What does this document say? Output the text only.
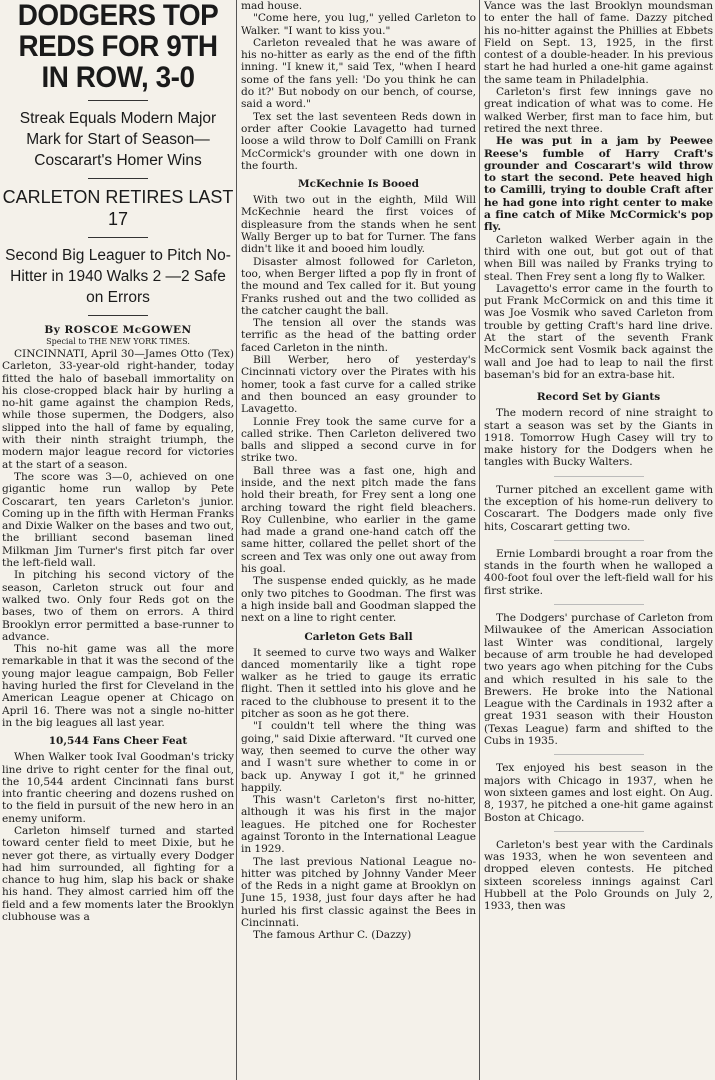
DODGERS TOP REDS FOR 9TH IN ROW, 3-0
Streak Equals Modern Major Mark for Start of Season—Coscarart's Homer Wins
CARLETON RETIRES LAST 17
Second Big Leaguer to Pitch No-Hitter in 1940 Walks 2 —2 Safe on Errors
By ROSCOE McGOWEN
Special to THE NEW YORK TIMES.

CINCINNATI, April 30—James Otto (Tex) Carleton, 33-year-old right-hander, today fitted the halo of baseball immortality on his close-cropped black hair by hurling a no-hit game against the champion Reds, while those supermen, the Dodgers, also slipped into the hall of fame by equaling, with their ninth straight triumph, the modern major league record for victories at the start of a season.

The score was 3—0, achieved on one gigantic home run wallop by Pete Coscarart, ten years Carleton's junior. Coming up in the fifth with Herman Franks and Dixie Walker on the bases and two out, the brilliant second baseman lined Milkman Jim Turner's first pitch far over the left-field wall.

In pitching his second victory of the season, Carleton struck out four and walked two. Only four Reds got on the bases, two of them on errors. A third Brooklyn error permitted a base-runner to advance.

This no-hit game was all the more remarkable in that it was the second of the young major league campaign, Bob Feller having hurled the first for Cleveland in the American League opener at Chicago on April 16. There was not a single no-hitter in the big leagues all last year.

10,544 Fans Cheer Feat

When Walker took Ival Goodman's tricky line drive to right center for the final out, the 10,544 ardent Cincinnati fans burst into frantic cheering and dozens rushed on to the field in pursuit of the new hero in an enemy uniform.

Carleton himself turned and started toward center field to meet Dixie, but he never got there, as virtually every Dodger had him surrounded, all fighting for a chance to hug him, slap his back or shake his hand. They almost carried him off the field and a few moments later the Brooklyn clubhouse was a

mad house.

"Come here, you lug," yelled Carleton to Walker. "I want to kiss you."

Carleton revealed that he was aware of his no-hitter as early as the end of the fifth inning. "I knew it," said Tex, "when I heard some of the fans yell: 'Do you think he can do it?' But nobody on our bench, of course, said a word."

Tex set the last seventeen Reds down in order after Cookie Lavagetto had turned loose a wild throw to Dolf Camilli on Frank McCormick's grounder with one down in the fourth.

McKechnie Is Booed

With two out in the eighth, Mild Will McKechnie heard the first voices of displeasure from the stands when he sent Wally Berger up to bat for Turner. The fans didn't like it and booed him loudly.

Disaster almost followed for Carleton, too, when Berger lifted a pop fly in front of the mound and Tex called for it. But young Franks rushed out and the two collided as the catcher caught the ball.

The tension all over the stands was terrific as the head of the batting order faced Carleton in the ninth.

Bill Werber, hero of yesterday's Cincinnati victory over the Pirates with his homer, took a fast curve for a called strike and then bounced an easy grounder to Lavagetto.

Lonnie Frey took the same curve for a called strike. Then Carleton delivered two balls and slipped a second curve in for strike two.

Ball three was a fast one, high and inside, and the next pitch made the fans hold their breath, for Frey sent a long one arching toward the right field bleachers. Roy Cullenbine, who earlier in the game had made a grand one-hand catch off the same hitter, collared the pellet short of the screen and Tex was only one out away from his goal.

The suspense ended quickly, as he made only two pitches to Goodman. The first was a high inside ball and Goodman slapped the next on a line to right center.

Carleton Gets Ball

It seemed to curve two ways and Walker danced momentarily like a tight rope walker as he tried to gauge its erratic flight. Then it settled into his glove and he raced to the clubhouse to present it to the pitcher as soon as he got there.

"I couldn't tell where the thing was going," said Dixie afterward. "It curved one way, then seemed to curve the other way and I wasn't sure whether to come in or back up. Anyway I got it," he grinned happily.

This wasn't Carleton's first no-hitter, although it was his first in the major leagues. He pitched one for Rochester against Toronto in the International League in 1929.

The last previous National League no-hitter was pitched by Johnny Vander Meer of the Reds in a night game at Brooklyn on June 15, 1938, just four days after he had hurled his first classic against the Bees in Cincinnati.

The famous Arthur C. (Dazzy)

Vance was the last Brooklyn moundsman to enter the hall of fame. Dazzy pitched his no-hitter against the Phillies at Ebbets Field on Sept. 13, 1925, in the first contest of a double-header. In his previous start he had hurled a one-hit game against the same team in Philadelphia.

Carleton's first few innings gave no great indication of what was to come. He walked Werber, first man to face him, but retired the next three.

He was put in a jam by Peewee Reese's fumble of Harry Craft's grounder and Coscarart's wild throw to start the second. Pete heaved high to Camilli, trying to double Craft after he had gone into right center to make a fine catch of Mike McCormick's pop fly.

Carleton walked Werber again in the third with one out, but got out of that when Bill was nailed by Franks trying to steal. Then Frey sent a long fly to Walker.

Lavagetto's error came in the fourth to put Frank McCormick on and this time it was Joe Vosmik who saved Carleton from trouble by getting Craft's hard line drive. At the start of the seventh Frank McCormick sent Vosmik back against the wall and Joe had to leap to nail the first baseman's bid for an extra-base hit.

Record Set by Giants

The modern record of nine straight to start a season was set by the Giants in 1918. Tomorrow Hugh Casey will try to make history for the Dodgers when he tangles with Bucky Walters.

Turner pitched an excellent game with the exception of his home-run delivery to Coscarart. The Dodgers made only five hits, Coscarart getting two.

Ernie Lombardi brought a roar from the stands in the fourth when he walloped a 400-foot foul over the left-field wall for his first strike.

The Dodgers' purchase of Carleton from Milwaukee of the American Association last Winter was conditional, largely because of arm trouble he had developed two years ago when pitching for the Cubs and which resulted in his sale to the Brewers. He broke into the National League with the Cardinals in 1932 after a great 1931 season with their Houston (Texas League) farm and shifted to the Cubs in 1935.

Tex enjoyed his best season in the majors with Chicago in 1937, when he won sixteen games and lost eight. On Aug. 8, 1937, he pitched a one-hit game against Boston at Chicago.

Carleton's best year with the Cardinals was 1933, when he won seventeen and dropped eleven contests. He pitched sixteen scoreless innings against Carl Hubbell at the Polo Grounds on July 2, 1933, then was
